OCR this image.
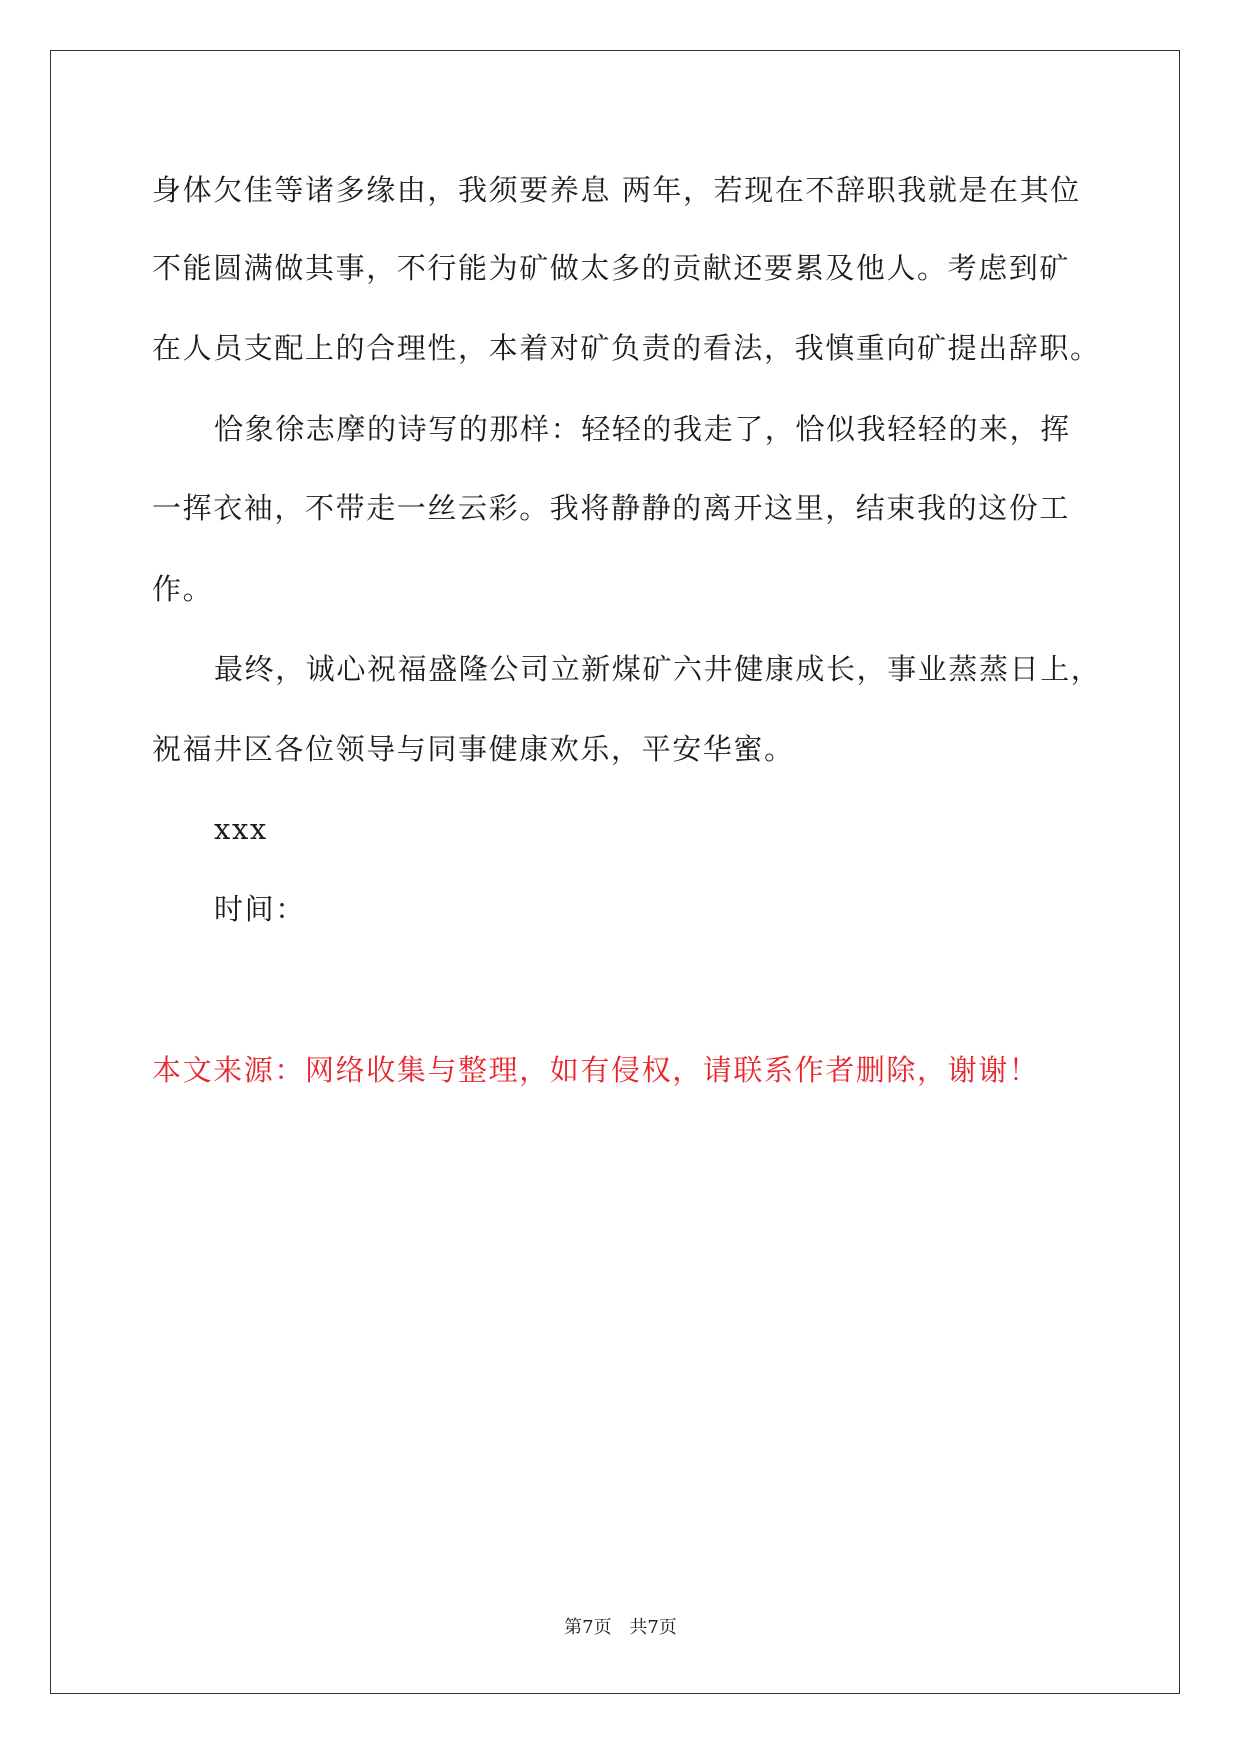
身体欠佳等诸多缘由，我须要养息 两年，若现在不辞职我就是在其位
不能圆满做其事，不行能为矿做太多的贡献还要累及他人。考虑到矿
在人员支配上的合理性，本着对矿负责的看法，我慎重向矿提出辞职。
恰象徐志摩的诗写的那样：轻轻的我走了，恰似我轻轻的来，挥
一挥衣袖，不带走一丝云彩。我将静静的离开这里，结束我的这份工
作。
最终，诚心祝福盛隆公司立新煤矿六井健康成长，事业蒸蒸日上，
祝福井区各位领导与同事健康欢乐，平安华蜜。
xxx
时间：
本文来源：网络收集与整理，如有侵权，请联系作者删除，谢谢！
第7页 共7页
